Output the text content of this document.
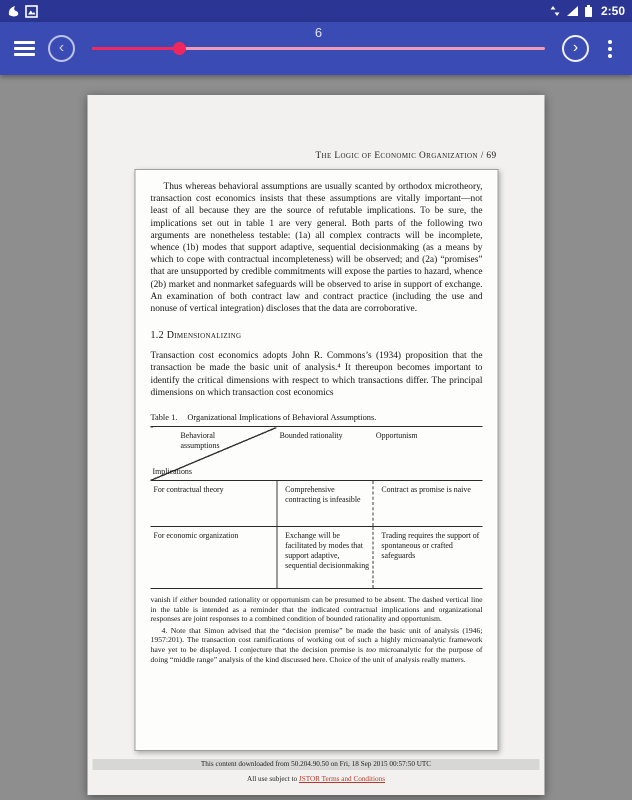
2:50
‹
6
›
The Logic of Economic Organization / 69

Thus whereas behavioral assumptions are usually scanted by orthodox microtheory, transaction cost economics insists that these assumptions are vitally important—not least of all because they are the source of refutable implications. To be sure, the implications set out in table 1 are very general. Both parts of the following two arguments are nonetheless testable: (1a) all complex contracts will be incomplete, whence (1b) modes that support adaptive, sequential decisionmaking (as a means by which to cope with contractual incompleteness) will be observed; and (2a) “promises” that are unsupported by credible commitments will expose the parties to hazard, whence (2b) market and nonmarket safeguards will be observed to arise in support of exchange. An examination of both contract law and contract practice (including the use and nonuse of vertical integration) discloses that the data are corroborative.

1.2 Dimensionalizing

Transaction cost economics adopts John R. Commons’s (1934) proposition that the transaction be made the basic unit of analysis.⁴ It thereupon becomes important to identify the critical dimensions with respect to which transactions differ. The principal dimensions on which transaction cost economics

Table 1. Organizational Implications of Behavioral Assumptions.
Behavioral assumptions
Implications	Bounded rationality	Opportunism
For contractual theory	Comprehensive contracting is infeasible	Contract as promise is naive
For economic organization	Exchange will be facilitated by modes that support adaptive, sequential decisionmaking	Trading requires the support of spontaneous or crafted safeguards

vanish if either bounded rationality or opportunism can be presumed to be absent. The dashed vertical line in the table is intended as a reminder that the indicated contractual implications and organizational responses are joint responses to a combined condition of bounded rationality and opportunism.

4. Note that Simon advised that the “decision premise” be made the basic unit of analysis (1946; 1957:201). The transaction cost ramifications of working out of such a highly microanalytic framework have yet to be displayed. I conjecture that the decision premise is too microanalytic for the purpose of doing “middle range” analysis of the kind discussed here. Choice of the unit of analysis really matters.

This content downloaded from 50.204.90.50 on Fri, 18 Sep 2015 00:57:50 UTC
All use subject to JSTOR Terms and Conditions
